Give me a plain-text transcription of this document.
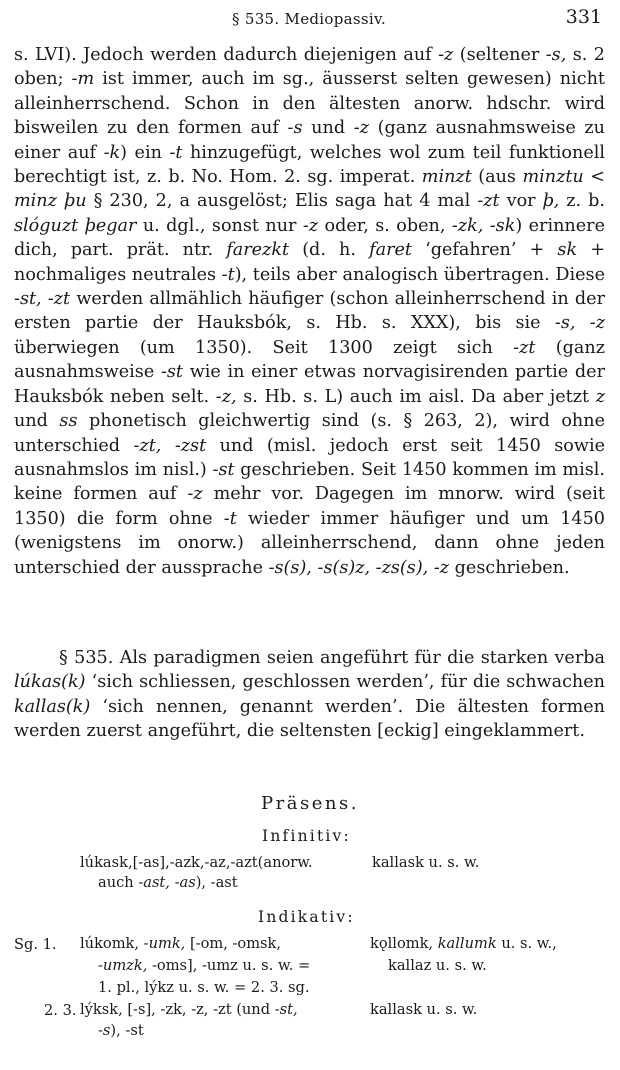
§ 535. Mediopassiv.	331
s. LVI). Jedoch werden dadurch diejenigen auf -z (seltener -s, s. 2 oben; -m ist immer, auch im sg., äusserst selten gewesen) nicht alleinherrschend. Schon in den ältesten anorw. hdschr. wird bisweilen zu den formen auf -s und -z (ganz ausnahmsweise zu einer auf -k) ein -t hinzugefügt, welches wol zum teil funktionell berechtigt ist, z. b. No. Hom. 2. sg. imperat. minzt (aus minztu < minz þu § 230, 2, a ausgelöst; Elis saga hat 4 mal -zt vor þ, z. b. slóguzt þegar u. dgl., sonst nur -z oder, s. oben, -zk, -sk) erinnere dich, part. prät. ntr. farezkt (d. h. faret ‘gefahren’ + sk + nochmaliges neutrales -t), teils aber analogisch übertragen. Diese -st, -zt werden allmählich häufiger (schon alleinherrschend in der ersten partie der Hauksbók, s. Hb. s. XXX), bis sie -s, -z überwiegen (um 1350). Seit 1300 zeigt sich -zt (ganz ausnahmsweise -st wie in einer etwas norvagisirenden partie der Hauksbók neben selt. -z, s. Hb. s. L) auch im aisl. Da aber jetzt z und ss phonetisch gleichwertig sind (s. § 263, 2), wird ohne unterschied -zt, -zst und (misl. jedoch erst seit 1450 sowie ausnahmslos im nisl.) -st geschrieben. Seit 1450 kommen im misl. keine formen auf -z mehr vor. Dagegen im mnorw. wird (seit 1350) die form ohne -t wieder immer häufiger und um 1450 (wenigstens im onorw.) alleinherrschend, dann ohne jeden unterschied der aussprache -s(s), -s(s)z, -zs(s), -z geschrieben.
§ 535. Als paradigmen seien angeführt für die starken verba lúkas(k) ‘sich schliessen, geschlossen werden’, für die schwachen kallas(k) ‘sich nennen, genannt werden’. Die ältesten formen werden zuerst angeführt, die seltensten [eckig] eingeklammert.
Präsens.
Infinitiv:
lúkask,[-as],-azk,-az,-azt(anorw.
auch -ast, -as), -ast
kallask u. s. w.
Indikativ:
Sg. 1. lúkomk, -umk, [-om, -omsk,
-umzk, -oms], -umz u. s. w. =
1. pl., lýkz u. s. w. = 2. 3. sg.
kǫllomk, kallumk u. s. w.,
kallaz u. s. w.
2. 3. lýksk, [-s], -zk, -z, -zt (und -st,
-s), -st
kallask u. s. w.
